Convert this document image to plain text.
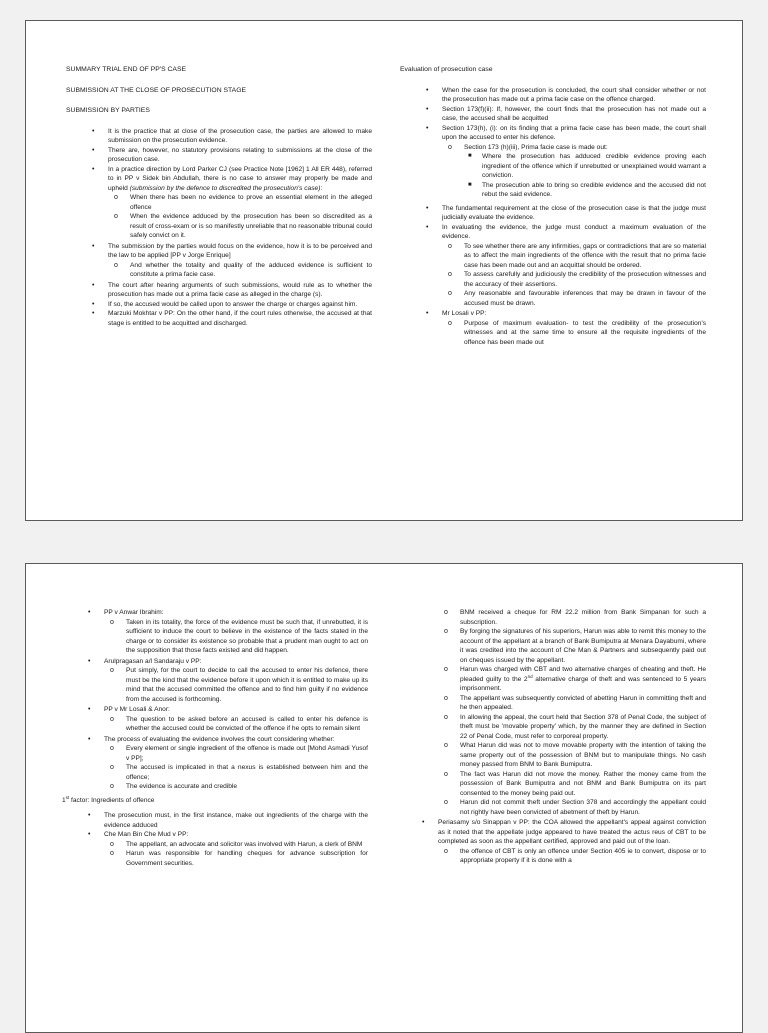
SUMMARY TRIAL END OF PP'S CASE
SUBMISSION AT THE CLOSE OF PROSECUTION STAGE
SUBMISSION BY PARTIES
• It is the practice that at close of the prosecution case, the parties are allowed to make submission on the prosecution evidence.
• There are, however, no statutory provisions relating to submissions at the close of the prosecution case.
• In a practice direction by Lord Parker CJ (see Practice Note [1962] 1 All ER 448), referred to in PP v Sidek bin Abdullah, there is no case to answer may properly be made and upheld (submission by the defence to discredited the prosecution's case):
o When there has been no evidence to prove an essential element in the alleged offence
o When the evidence adduced by the prosecution has been so discredited as a result of cross-exam or is so manifestly unreliable that no reasonable tribunal could safely convict on it.
• The submission by the parties would focus on the evidence, how it is to be perceived and the law to be applied [PP v Jorge Enrique]
o And whether the totality and quality of the adduced evidence is sufficient to constitute a prima facie case.
• The court after hearing arguments of such submissions, would rule as to whether the prosecution has made out a prima facie case as alleged in the charge (s).
• If so, the accused would be called upon to answer the charge or charges against him.
• Marzuki Mokhtar v PP: On the other hand, if the court rules otherwise, the accused at that stage is entitled to be acquitted and discharged.
Evaluation of prosecution case
• When the case for the prosecution is concluded, the court shall consider whether or not the prosecution has made out a prima facie case on the offence charged.
• Section 173(f)(ii): If, however, the court finds that the prosecution has not made out a case, the accused shall be acquitted
• Section 173(h), (i): on its finding that a prima facie case has been made, the court shall upon the accused to enter his defence.
o Section 173 (h)(iii), Prima facie case is made out:
■ Where the prosecution has adduced credible evidence proving each ingredient of the offence which if unrebutted or unexplained would warrant a conviction.
■ The prosecution able to bring so credible evidence and the accused did not rebut the said evidence.
• The fundamental requirement at the close of the prosecution case is that the judge must judicially evaluate the evidence.
• In evaluating the evidence, the judge must conduct a maximum evaluation of the evidence.
o To see whether there are any infirmities, gaps or contradictions that are so material as to affect the main ingredients of the offence with the result that no prima facie case has been made out and an acquittal should be ordered.
o To assess carefully and judiciously the credibility of the prosecution witnesses and the accuracy of their assertions.
o Any reasonable and favourable inferences that may be drawn in favour of the accused must be drawn.
• Mr Losali v PP:
o Purpose of maximum evaluation- to test the credibility of the prosecution's witnesses and at the same time to ensure all the requisite ingredients of the offence has been made out
• PP v Anwar Ibrahim:
o Taken in its totality, the force of the evidence must be such that, if unrebutted, it is sufficient to induce the court to believe in the existence of the facts stated in the charge or to consider its existence so probable that a prudent man ought to act on the supposition that those facts existed and did happen.
• Arulpragasan a/l Sandaraju v PP:
o Put simply, for the court to decide to call the accused to enter his defence, there must be the kind that the evidence before it upon which it is entitled to make up its mind that the accused committed the offence and to find him guilty if no evidence from the accused is forthcoming.
• PP v Mr Losali & Anor:
o The question to be asked before an accused is called to enter his defence is whether the accused could be convicted of the offence if he opts to remain silent
• The process of evaluating the evidence involves the court considering whether:
o Every element or single ingredient of the offence is made out [Mohd Asmadi Yusof v PP];
o The accused is implicated in that a nexus is established between him and the offence;
o The evidence is accurate and credible
1st factor: Ingredients of offence
• The prosecution must, in the first instance, make out ingredients of the charge with the evidence adduced
• Che Man Bin Che Mud v PP:
o The appellant, an advocate and solicitor was involved with Harun, a clerk of BNM
o Harun was responsible for handling cheques for advance subscription for Government securities.
o BNM received a cheque for RM 22.2 million from Bank Simpanan for such a subscription.
o By forging the signatures of his superiors, Harun was able to remit this money to the account of the appellant at a branch of Bank Bumiputra at Menara Dayabumi, where it was credited into the account of Che Man & Partners and subsequently paid out on cheques issued by the appellant.
o Harun was charged with CBT and two alternative charges of cheating and theft. He pleaded guilty to the 2nd alternative charge of theft and was sentenced to 5 years imprisonment.
o The appellant was subsequently convicted of abetting Harun in committing theft and he then appealed.
o In allowing the appeal, the court held that Section 378 of Penal Code, the subject of theft must be 'movable property' which, by the manner they are defined in Section 22 of Penal Code, must refer to corporeal property.
o What Harun did was not to move movable property with the intention of taking the same property out of the possession of BNM but to manipulate things. No cash money passed from BNM to Bank Bumiputra.
o The fact was Harun did not move the money. Rather the money came from the possession of Bank Bumiputra and not BNM and Bank Bumiputra on its part consented to the money being paid out.
o Harun did not commit theft under Section 378 and accordingly the appellant could not rightly have been convicted of abetment of theft by Harun.
• Periasamy s/o Sinappan v PP: the COA allowed the appellant's appeal against conviction as it noted that the appellate judge appeared to have treated the actus reus of CBT to be completed as soon as the appellant certified, approved and paid out of the loan.
o the offence of CBT is only an offence under Section 405 ie to convert, dispose or to appropriate property if it is done with a
